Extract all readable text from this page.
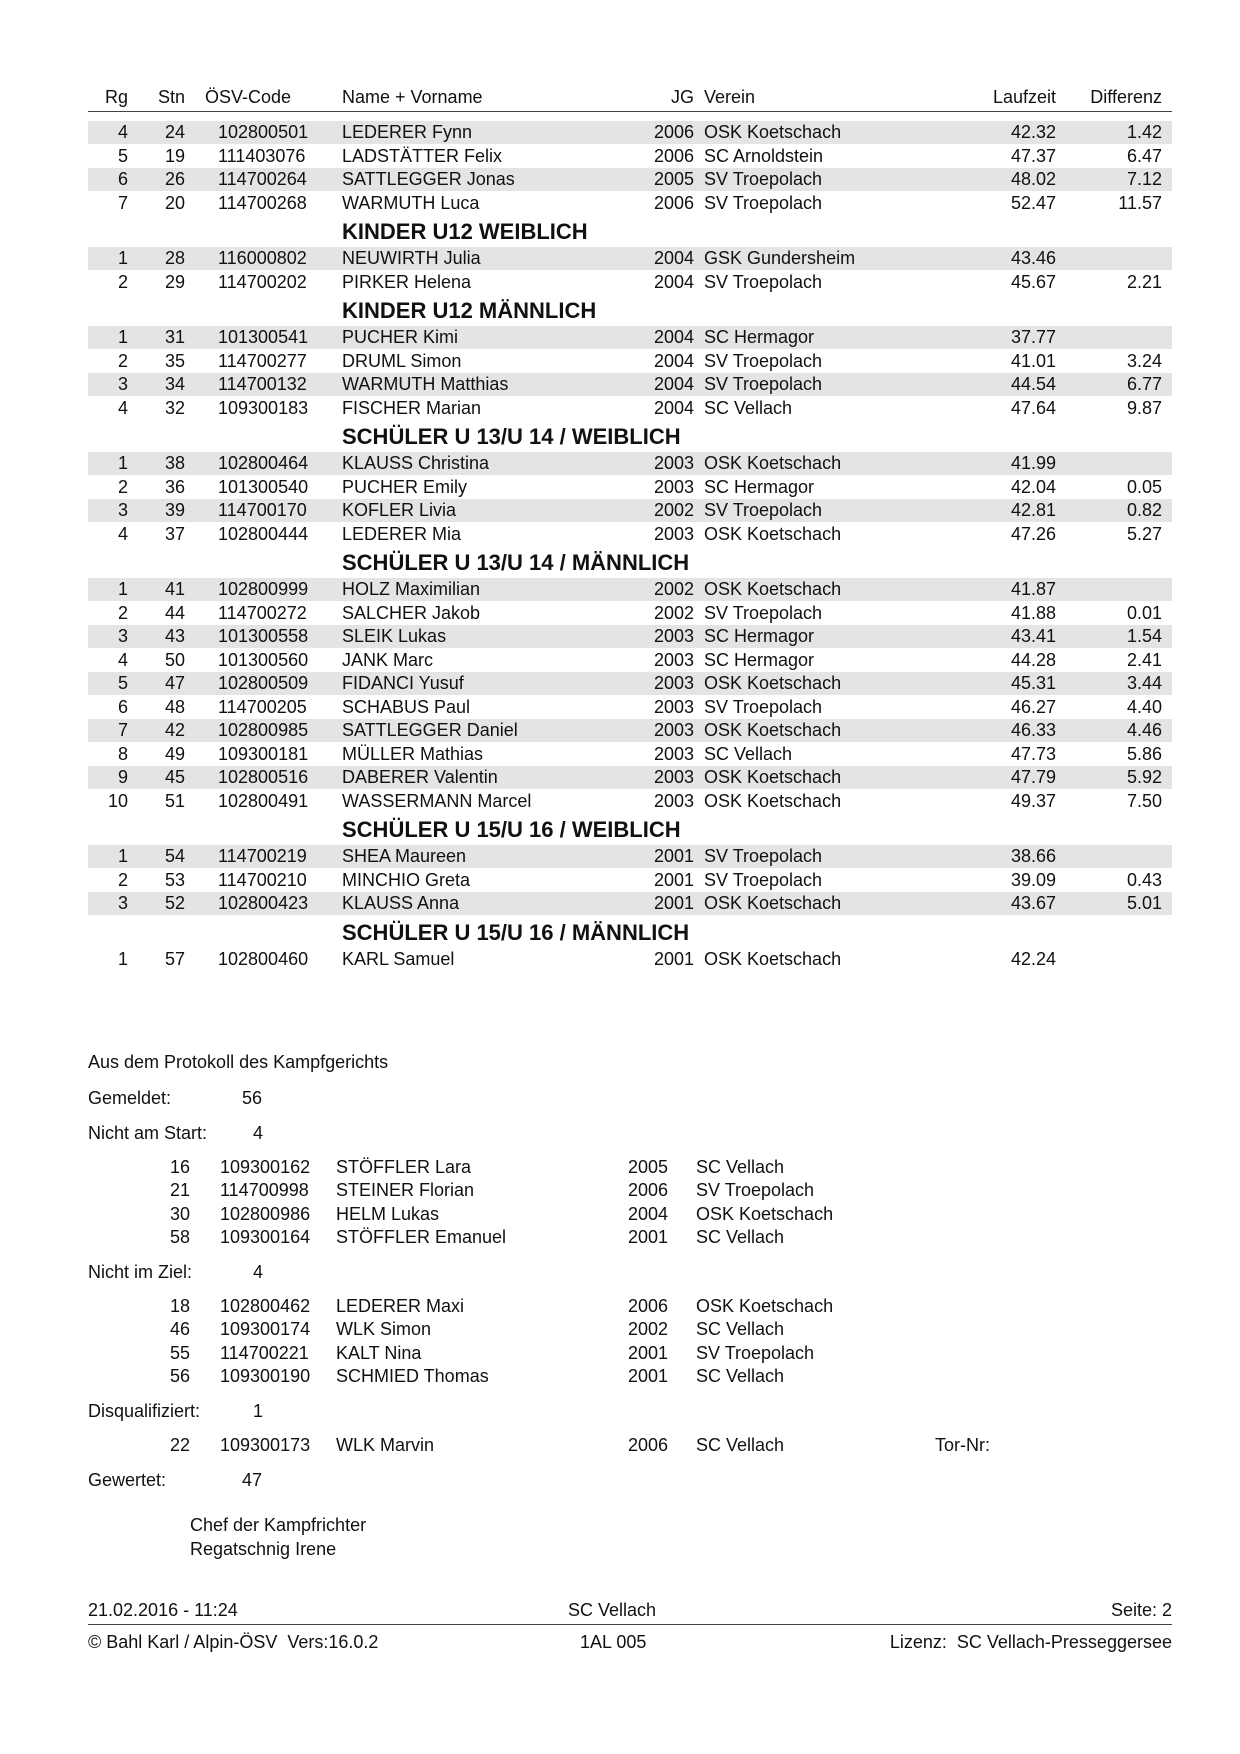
Rg	Stn ÖSV-Code	Name + Vorname	JG Verein	Laufzeit	Differenz
4	24 102800501 LEDERER Fynn	2006 OSK Koetschach	42.32	1.42
5	19 111403076 LADSTÄTTER Felix	2006 SC Arnoldstein	47.37	6.47
6	26 114700264 SATTLEGGER Jonas	2005 SV Troepolach	48.02	7.12
7	20 114700268 WARMUTH Luca	2006 SV Troepolach	52.47	11.57
KINDER U12 WEIBLICH
1	28 116000802 NEUWIRTH Julia	2004 GSK Gundersheim	43.46
2	29 114700202 PIRKER Helena	2004 SV Troepolach	45.67	2.21
KINDER U12 MÄNNLICH
1	31 101300541 PUCHER Kimi	2004 SC Hermagor	37.77
2	35 114700277 DRUML Simon	2004 SV Troepolach	41.01	3.24
3	34 114700132 WARMUTH Matthias	2004 SV Troepolach	44.54	6.77
4	32 109300183 FISCHER Marian	2004 SC Vellach	47.64	9.87
SCHÜLER U 13/U 14 / WEIBLICH
1	38 102800464 KLAUSS Christina	2003 OSK Koetschach	41.99
2	36 101300540 PUCHER Emily	2003 SC Hermagor	42.04	0.05
3	39 114700170 KOFLER Livia	2002 SV Troepolach	42.81	0.82
4	37 102800444 LEDERER Mia	2003 OSK Koetschach	47.26	5.27
SCHÜLER U 13/U 14 / MÄNNLICH
1	41 102800999 HOLZ Maximilian	2002 OSK Koetschach	41.87
2	44 114700272 SALCHER Jakob	2002 SV Troepolach	41.88	0.01
3	43 101300558 SLEIK Lukas	2003 SC Hermagor	43.41	1.54
4	50 101300560 JANK Marc	2003 SC Hermagor	44.28	2.41
5	47 102800509 FIDANCI Yusuf	2003 OSK Koetschach	45.31	3.44
6	48 114700205 SCHABUS Paul	2003 SV Troepolach	46.27	4.40
7	42 102800985 SATTLEGGER Daniel	2003 OSK Koetschach	46.33	4.46
8	49 109300181 MÜLLER Mathias	2003 SC Vellach	47.73	5.86
9	45 102800516 DABERER Valentin	2003 OSK Koetschach	47.79	5.92
10	51 102800491 WASSERMANN Marcel	2003 OSK Koetschach	49.37	7.50
SCHÜLER U 15/U 16 / WEIBLICH
1	54 114700219 SHEA Maureen	2001 SV Troepolach	38.66
2	53 114700210 MINCHIO Greta	2001 SV Troepolach	39.09	0.43
3	52 102800423 KLAUSS Anna	2001 OSK Koetschach	43.67	5.01
SCHÜLER U 15/U 16 / MÄNNLICH
1	57 102800460 KARL Samuel	2001 OSK Koetschach	42.24
Aus dem Protokoll des Kampfgerichts
Gemeldet:	56
Nicht am Start:	4
16 109300162 STÖFFLER Lara	2005 SC Vellach
21 114700998 STEINER Florian	2006 SV Troepolach
30 102800986 HELM Lukas	2004 OSK Koetschach
58 109300164 STÖFFLER Emanuel	2001 SC Vellach
Nicht im Ziel:	4
18 102800462 LEDERER Maxi	2006 OSK Koetschach
46 109300174 WLK Simon	2002 SC Vellach
55 114700221 KALT Nina	2001 SV Troepolach
56 109300190 SCHMIED Thomas	2001 SC Vellach
Disqualifiziert:	1
22 109300173 WLK Marvin	2006 SC Vellach	Tor-Nr:
Gewertet:	47
Chef der Kampfrichter
Regatschnig Irene
21.02.2016 - 11:24	SC Vellach	Seite: 2
© Bahl Karl / Alpin-ÖSV  Vers:16.0.2	1AL 005	Lizenz:  SC Vellach-Presseggersee
